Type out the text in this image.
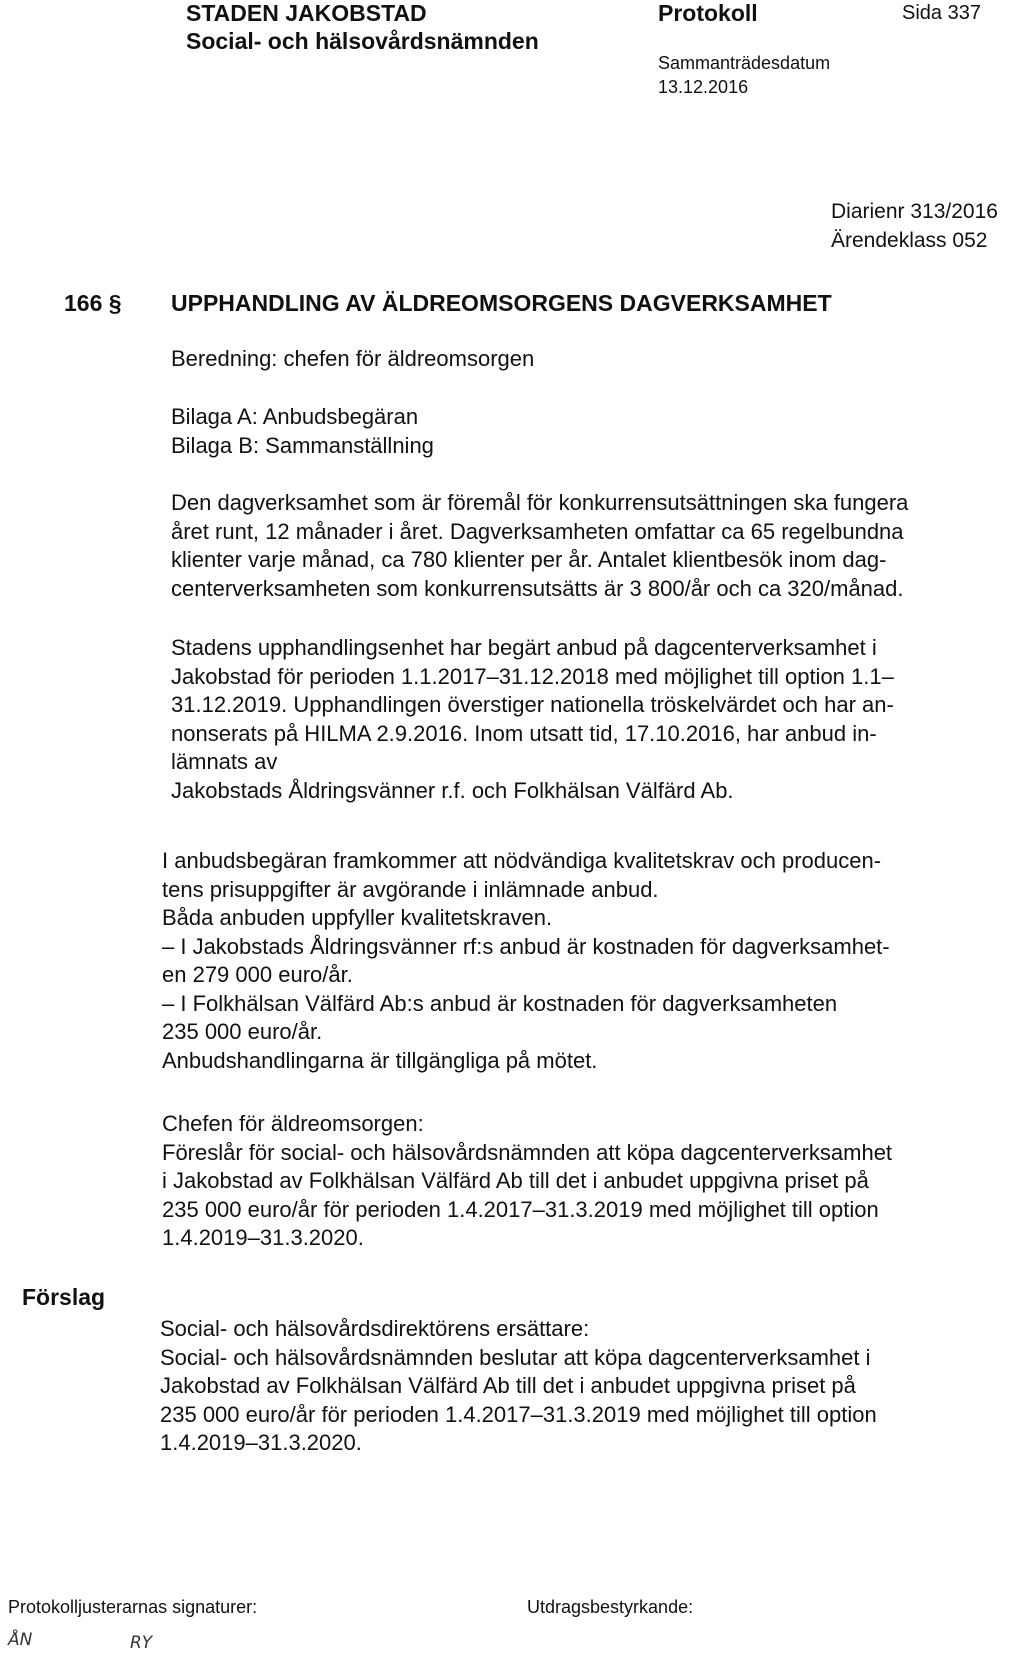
STADEN JAKOBSTAD
Social- och hälsovårdsnämnden
Protokoll	Sida 337
Sammanträdesdatum
13.12.2016
Diarienr 313/2016
Ärendeklass 052
166 § UPPHANDLING AV ÄLDREOMSORGENS DAGVERKSAMHET
Beredning: chefen för äldreomsorgen
Bilaga A: Anbudsbegäran
Bilaga B: Sammanställning
Den dagverksamhet som är föremål för konkurrensutsättningen ska fungera
året runt, 12 månader i året. Dagverksamheten omfattar ca 65 regelbundna
klienter varje månad, ca 780 klienter per år. Antalet klientbesök inom dag-
centerverksamheten som konkurrensutsätts är 3 800/år och ca 320/månad.
Stadens upphandlingsenhet har begärt anbud på dagcenterverksamhet i
Jakobstad för perioden 1.1.2017–31.12.2018 med möjlighet till option 1.1–
31.12.2019. Upphandlingen överstiger nationella tröskelvärdet och har an-
nonserats på HILMA 2.9.2016. Inom utsatt tid, 17.10.2016, har anbud in-
lämnats av
Jakobstads Åldringsvänner r.f. och Folkhälsan Välfärd Ab.
I anbudsbegäran framkommer att nödvändiga kvalitetskrav och producen-
tens prisuppgifter är avgörande i inlämnade anbud.
Båda anbuden uppfyller kvalitetskraven.
– I Jakobstads Åldringsvänner rf:s anbud är kostnaden för dagverksamhet-
en 279 000 euro/år.
– I Folkhälsan Välfärd Ab:s anbud är kostnaden för dagverksamheten
235 000 euro/år.
Anbudshandlingarna är tillgängliga på mötet.
Chefen för äldreomsorgen:
Föreslår för social- och hälsovårdsnämnden att köpa dagcenterverksamhet
i Jakobstad av Folkhälsan Välfärd Ab till det i anbudet uppgivna priset på
235 000 euro/år för perioden 1.4.2017–31.3.2019 med möjlighet till option
1.4.2019–31.3.2020.
Förslag
Social- och hälsovårdsdirektörens ersättare:
Social- och hälsovårdsnämnden beslutar att köpa dagcenterverksamhet i
Jakobstad av Folkhälsan Välfärd Ab till det i anbudet uppgivna priset på
235 000 euro/år för perioden 1.4.2017–31.3.2019 med möjlighet till option
1.4.2019–31.3.2020.
Protokolljusterarnas signaturer:	Utdragsbestyrkande:
ÅN	RY
